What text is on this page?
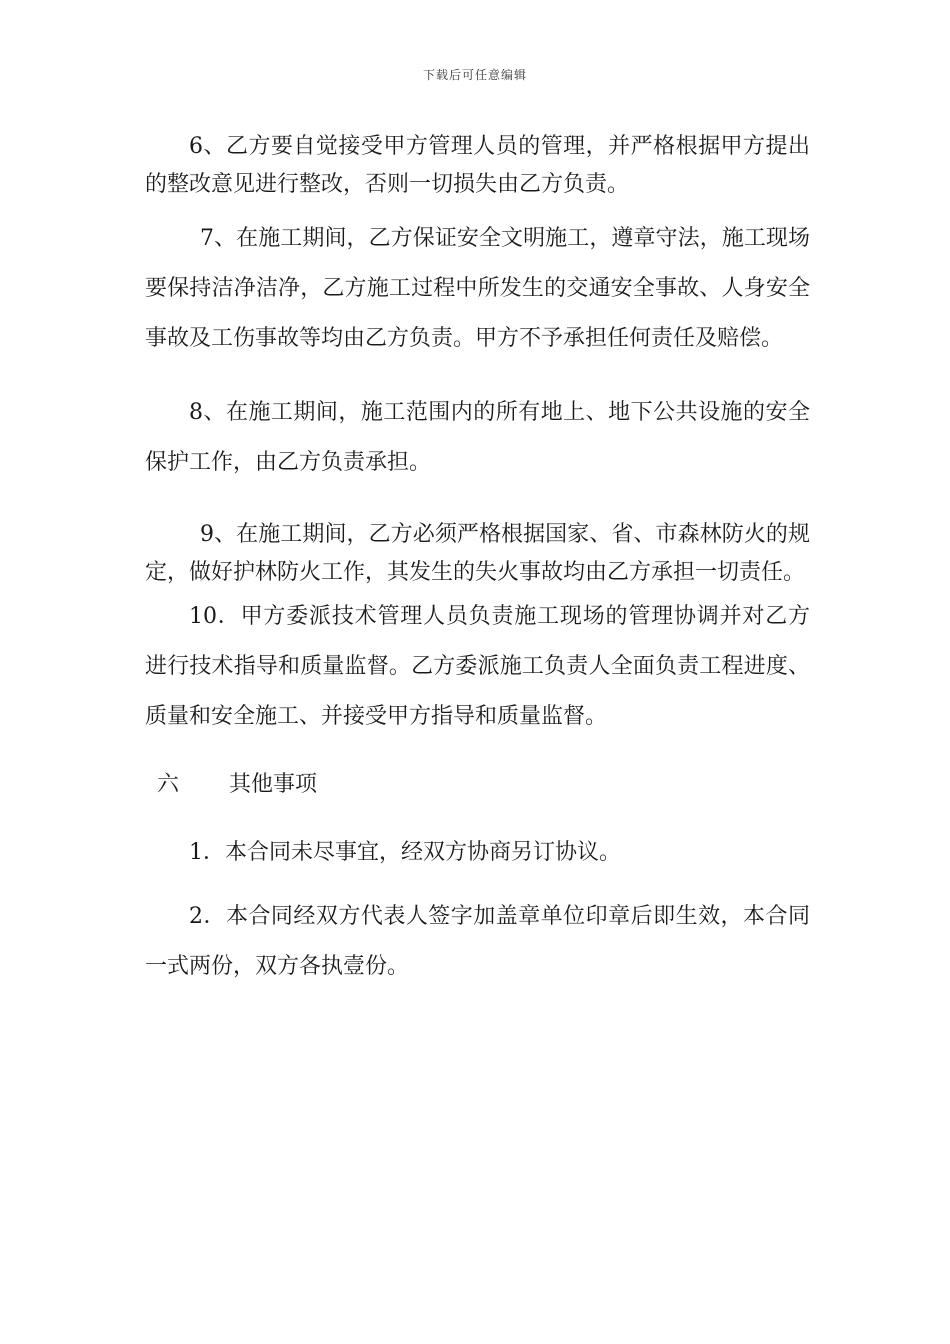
下载后可任意编辑

6、乙方要自觉接受甲方管理人员的管理，并严格根据甲方提出的整改意见进行整改，否则一切损失由乙方负责。

7、在施工期间，乙方保证安全文明施工，遵章守法，施工现场要保持洁净洁净，乙方施工过程中所发生的交通安全事故、人身安全事故及工伤事故等均由乙方负责。甲方不予承担任何责任及赔偿。

8、在施工期间，施工范围内的所有地上、地下公共设施的安全保护工作，由乙方负责承担。

9、在施工期间，乙方必须严格根据国家、省、市森林防火的规定，做好护林防火工作，其发生的失火事故均由乙方承担一切责任。

10．甲方委派技术管理人员负责施工现场的管理协调并对乙方进行技术指导和质量监督。乙方委派施工负责人全面负责工程进度、质量和安全施工、并接受甲方指导和质量监督。

六 其他事项

1．本合同未尽事宜，经双方协商另订协议。

2．本合同经双方代表人签字加盖章单位印章后即生效，本合同一式两份，双方各执壹份。
